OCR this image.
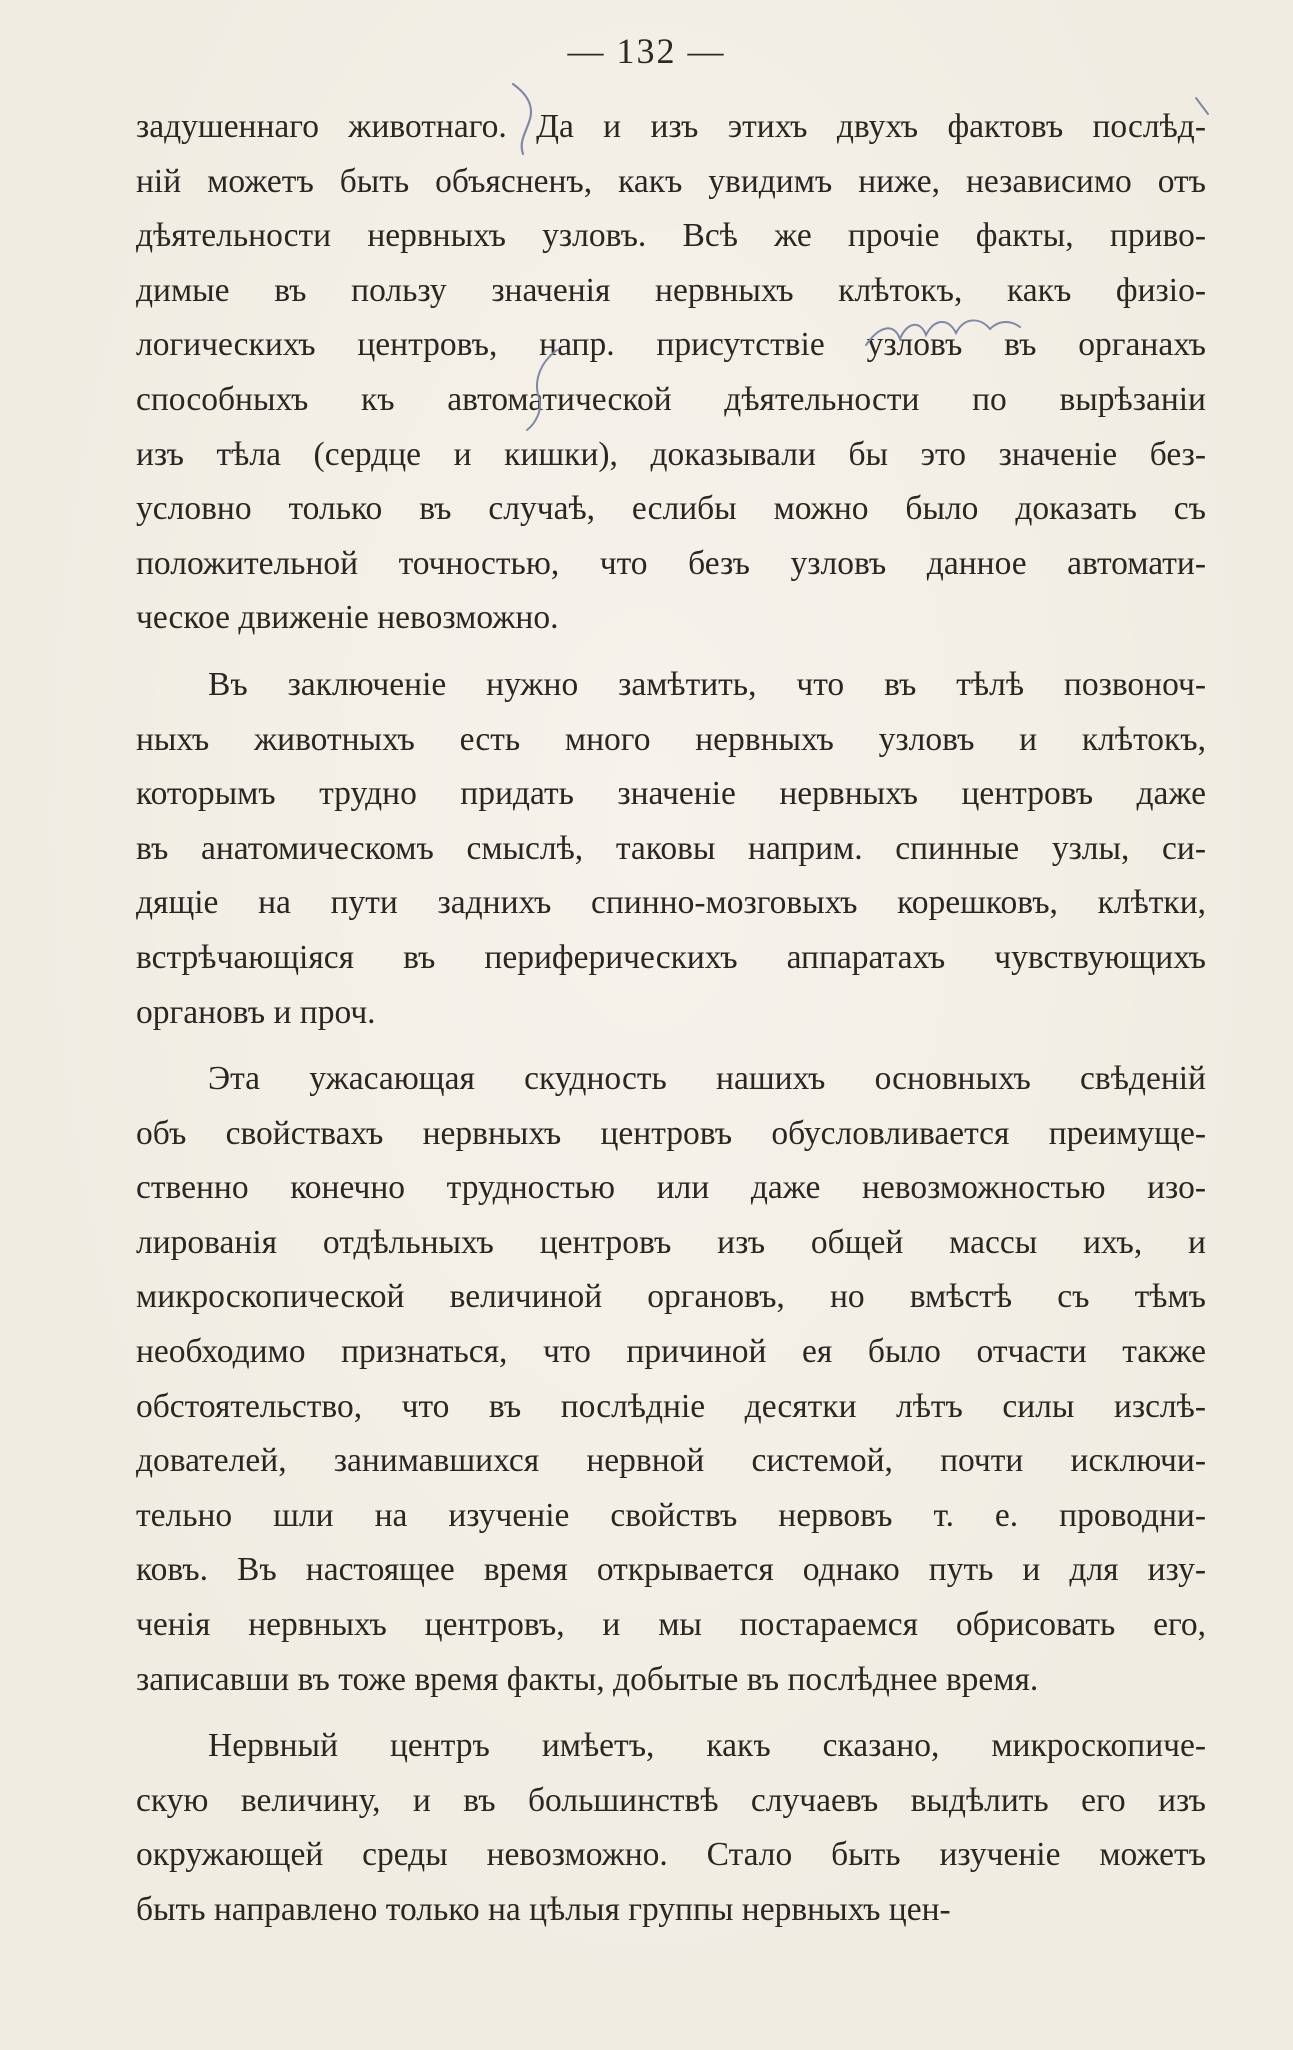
— 132 —
задушеннаго животнаго. Да и изъ этихъ двухъ фактовъ послѣд-
нiй можетъ быть объясненъ, какъ увидимъ ниже, независимо отъ
дѣятельности нервныхъ узловъ. Всѣ же прочiе факты, приво-
димые въ пользу значенiя нервныхъ клѣтокъ, какъ физiо-
логическихъ центровъ, напр. присутствiе узловъ въ органахъ
способныхъ къ автоматической дѣятельности по вырѣзанiи
изъ тѣла (сердце и кишки), доказывали бы это значенiе без-
условно только въ случаѣ, еслибы можно было доказать съ
положительной точностью, что безъ узловъ данное автомати-
ческое движенiе невозможно.
Въ заключенiе нужно замѣтить, что въ тѣлѣ позвоноч-
ныхъ животныхъ есть много нервныхъ узловъ и клѣтокъ,
которымъ трудно придать значенiе нервныхъ центровъ даже
въ анатомическомъ смыслѣ, таковы наприм. спинные узлы, си-
дящiе на пути заднихъ спинно-мозговыхъ корешковъ, клѣтки,
встрѣчающiяся въ периферическихъ аппаратахъ чувствующихъ
органовъ и проч.
Эта ужасающая скудность нашихъ основныхъ свѣденiй
объ свойствахъ нервныхъ центровъ обусловливается преимуще-
ственно конечно трудностью или даже невозможностью изо-
лированiя отдѣльныхъ центровъ изъ общей массы ихъ, и
микроскопической величиной органовъ, но вмѣстѣ съ тѣмъ
необходимо признаться, что причиной ея было отчасти также
обстоятельство, что въ послѣднiе десятки лѣтъ силы изслѣ-
дователей, занимавшихся нервной системой, почти исключи-
тельно шли на изученiе свойствъ нервовъ т. е. проводни-
ковъ. Въ настоящее время открывается однако путь и для изу-
ченiя нервныхъ центровъ, и мы постараемся обрисовать его,
записавши въ тоже время факты, добытые въ послѣднее время.
Нервный центръ имѣетъ, какъ сказано, микроскопиче-
скую величину, и въ большинствѣ случаевъ выдѣлить его изъ
окружающей среды невозможно. Стало быть изученiе можетъ
быть направлено только на цѣлыя группы нервныхъ цен-
